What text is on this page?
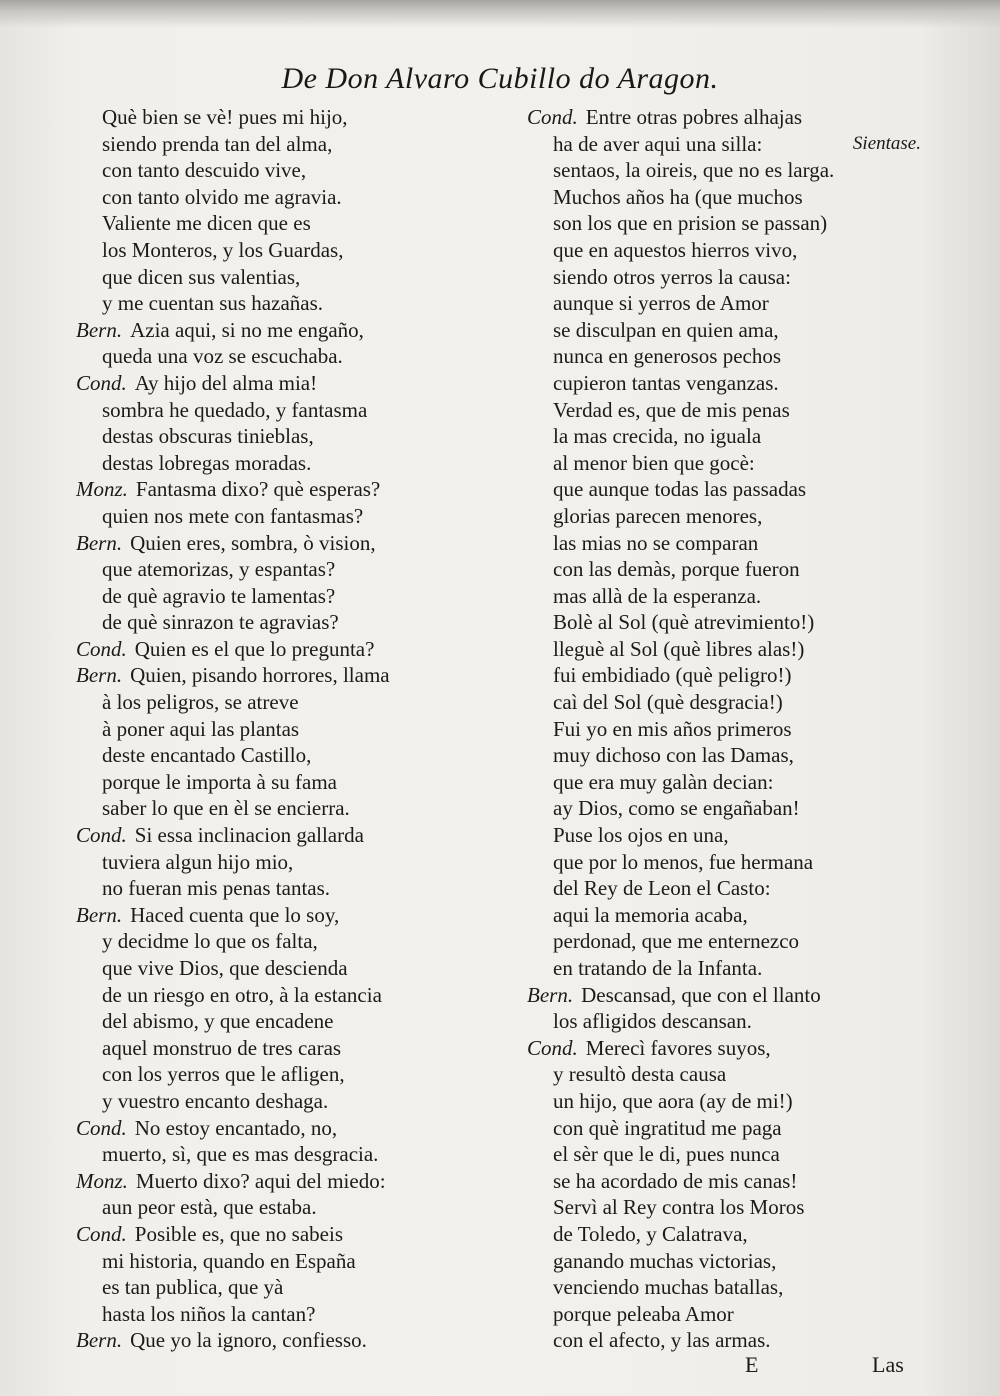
De Don Alvaro Cubillo do Aragon.
Què bien se vè! pues mi hijo,
siendo prenda tan del alma,
con tanto descuido vive,
con tanto olvido me agravia.
Valiente me dicen que es
los Monteros, y los Guardas,
que dicen sus valentias,
y me cuentan sus hazañas.
Bern. Azia aqui, si no me engaño,
queda una voz se escuchaba.
Cond. Ay hijo del alma mia!
sombra he quedado, y fantasma
destas obscuras tinieblas,
destas lobregas moradas.
Monz. Fantasma dixo? què esperas?
quien nos mete con fantasmas?
Bern. Quien eres, sombra, ò vision,
que atemorizas, y espantas?
de què agravio te lamentas?
de què sinrazon te agravias?
Cond. Quien es el que lo pregunta?
Bern. Quien, pisando horrores, llama
à los peligros, se atreve
à poner aqui las plantas
deste encantado Castillo,
porque le importa à su fama
saber lo que en èl se encierra.
Cond. Si essa inclinacion gallarda
tuviera algun hijo mio,
no fueran mis penas tantas.
Bern. Haced cuenta que lo soy,
y decidme lo que os falta,
que vive Dios, que descienda
de un riesgo en otro, à la estancia
del abismo, y que encadene
aquel monstruo de tres caras
con los yerros que le afligen,
y vuestro encanto deshaga.
Cond. No estoy encantado, no,
muerto, sì, que es mas desgracia.
Monz. Muerto dixo? aqui del miedo:
aun peor està, que estaba.
Cond. Posible es, que no sabeis
mi historia, quando en España
es tan publica, que yà
hasta los niños la cantan?
Bern. Que yo la ignoro, confiesso.
Cond. Entre otras pobres alhajas
ha de aver aqui una silla:	Sientase.
sentaos, la oireis, que no es larga.
Muchos años ha (que muchos
son los que en prision se passan)
que en aquestos hierros vivo,
siendo otros yerros la causa:
aunque si yerros de Amor
se disculpan en quien ama,
nunca en generosos pechos
cupieron tantas venganzas.
Verdad es, que de mis penas
la mas crecida, no iguala
al menor bien que gocè:
que aunque todas las passadas
glorias parecen menores,
las mias no se comparan
con las demàs, porque fueron
mas allà de la esperanza.
Bolè al Sol (què atrevimiento!)
lleguè al Sol (què libres alas!)
fui embidiado (què peligro!)
caì del Sol (què desgracia!)
Fui yo en mis años primeros
muy dichoso con las Damas,
que era muy galàn decian:
ay Dios, como se engañaban!
Puse los ojos en una,
que por lo menos, fue hermana
del Rey de Leon el Casto:
aqui la memoria acaba,
perdonad, que me enternezco
en tratando de la Infanta.
Bern. Descansad, que con el llanto
los afligidos descansan.
Cond. Merecì favores suyos,
y resultò desta causa
un hijo, que aora (ay de mi!)
con què ingratitud me paga
el sèr que le di, pues nunca
se ha acordado de mis canas!
Servì al Rey contra los Moros
de Toledo, y Calatrava,
ganando muchas victorias,
venciendo muchas batallas,
porque peleaba Amor
con el afecto, y las armas.
E	Las
